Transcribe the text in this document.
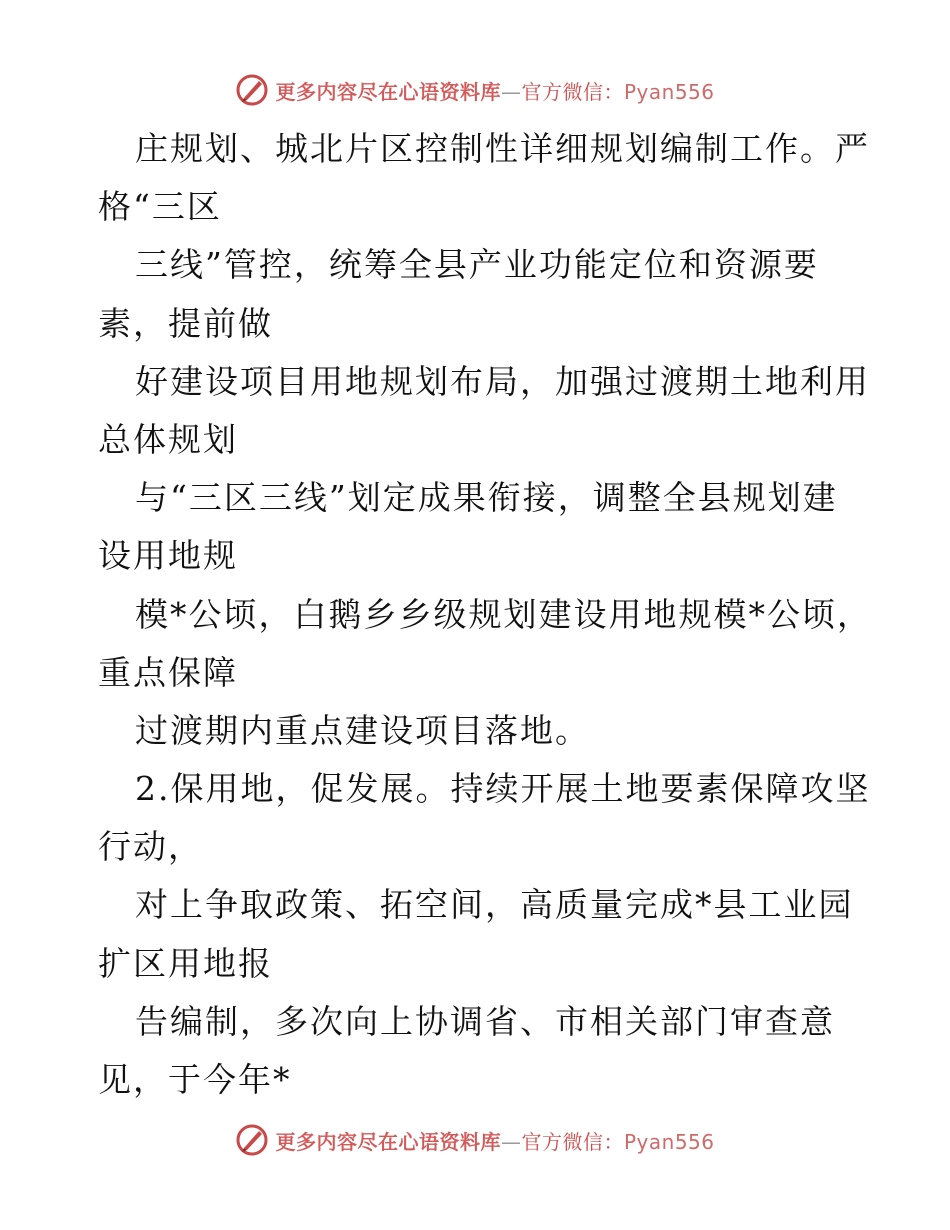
更多内容尽在心语资料库—官方微信：Pyan556
庄规划、城北片区控制性详细规划编制工作。严
格“三区
三线”管控，统筹全县产业功能定位和资源要
素，提前做
好建设项目用地规划布局，加强过渡期土地利用
总体规划
与“三区三线”划定成果衔接，调整全县规划建
设用地规
模*公顷，白鹅乡乡级规划建设用地规模*公顷，
重点保障
过渡期内重点建设项目落地。
2.保用地，促发展。持续开展土地要素保障攻坚
行动，
对上争取政策、拓空间，高质量完成*县工业园
扩区用地报
告编制，多次向上协调省、市相关部门审查意
见，于今年*
更多内容尽在心语资料库—官方微信：Pyan556
